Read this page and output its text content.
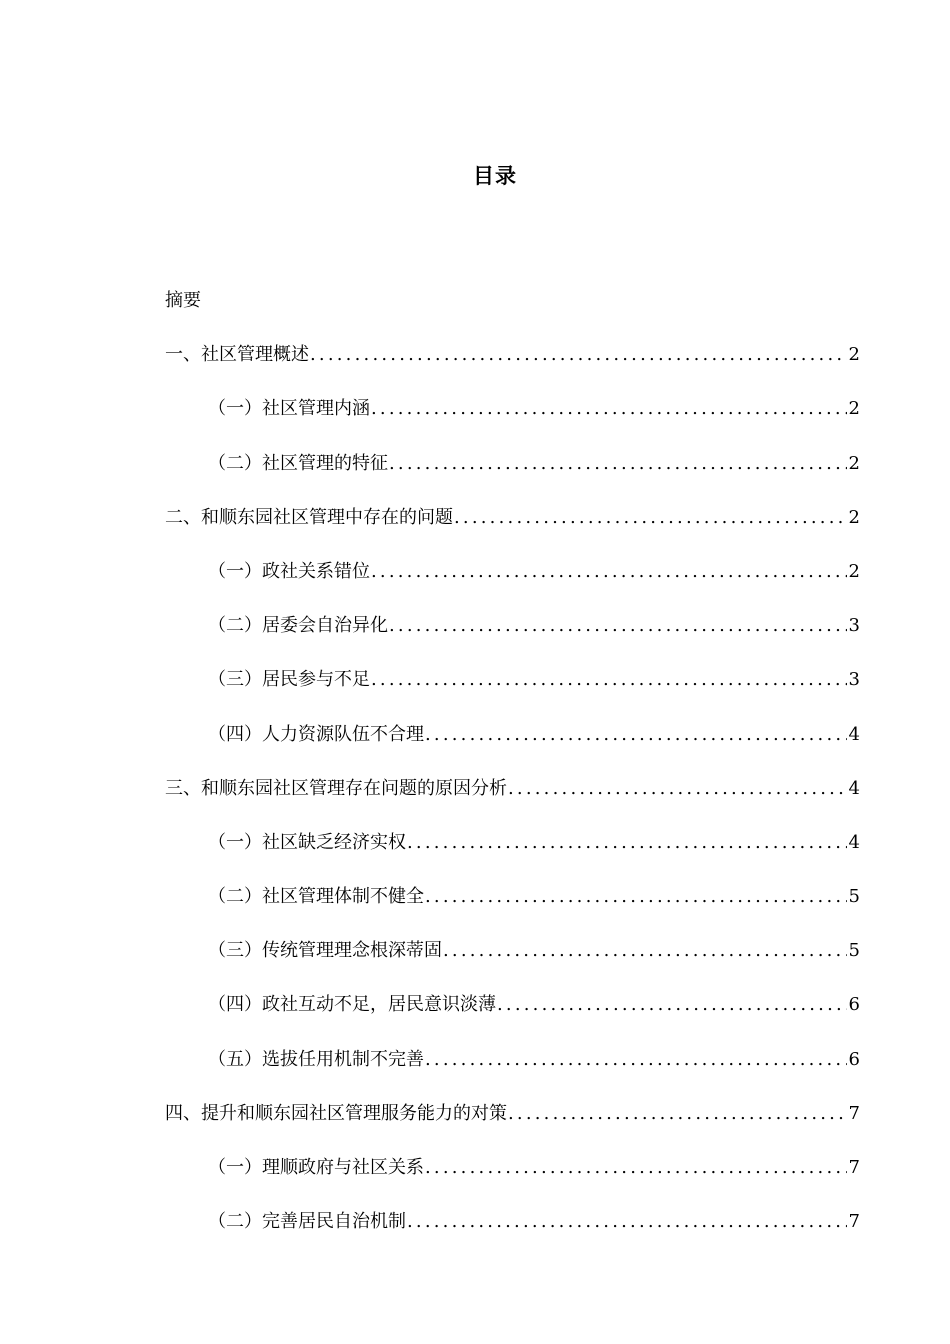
目录
摘要
一、社区管理概述 .....	2
（一）社区管理内涵 .....	2
（二）社区管理的特征 .....	2
二、和顺东园社区管理中存在的问题 .....	2
（一）政社关系错位 .....	2
（二）居委会自治异化 .....	3
（三）居民参与不足 .....	3
（四）人力资源队伍不合理 .....	4
三、和顺东园社区管理存在问题的原因分析 .....	4
（一）社区缺乏经济实权 .....	4
（二）社区管理体制不健全 .....	5
（三）传统管理理念根深蒂固 .....	5
（四）政社互动不足，居民意识淡薄 .....	6
（五）选拔任用机制不完善 .....	6
四、提升和顺东园社区管理服务能力的对策 .....	7
（一）理顺政府与社区关系 .....	7
（二）完善居民自治机制 .....	7
